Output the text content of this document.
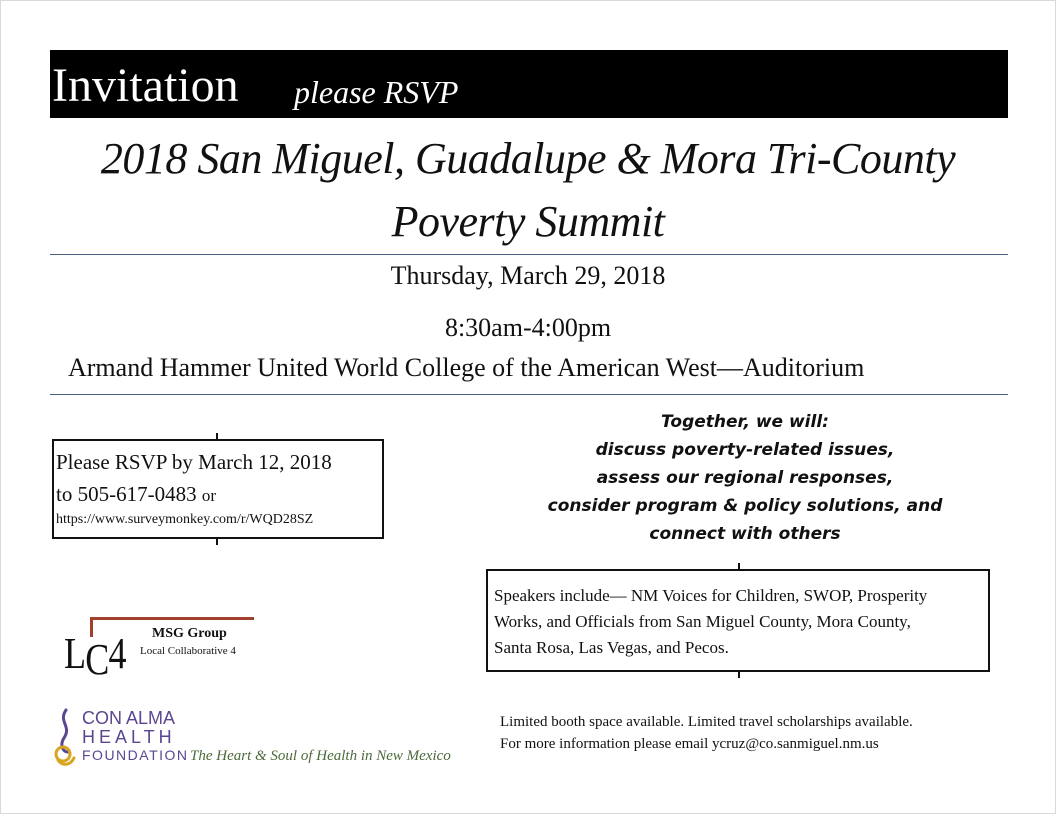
Invitation please RSVP
2018 San Miguel, Guadalupe & Mora Tri-County
Poverty Summit
Thursday, March 29, 2018
8:30am-4:00pm
Armand Hammer United World College of the American West—Auditorium
Please RSVP by March 12, 2018
to 505-617-0483 or
https://www.surveymonkey.com/r/WQD28SZ
Together, we will:
discuss poverty-related issues,
assess our regional responses,
consider program & policy solutions, and
connect with others
Speakers include— NM Voices for Children, SWOP, Prosperity
Works, and Officials from San Miguel County, Mora County,
Santa Rosa, Las Vegas, and Pecos.
LC4 MSG Group
Local Collaborative 4
CON ALMA
HEALTH
FOUNDATION The Heart & Soul of Health in New Mexico
Limited booth space available. Limited travel scholarships available.
For more information please email ycruz@co.sanmiguel.nm.us
